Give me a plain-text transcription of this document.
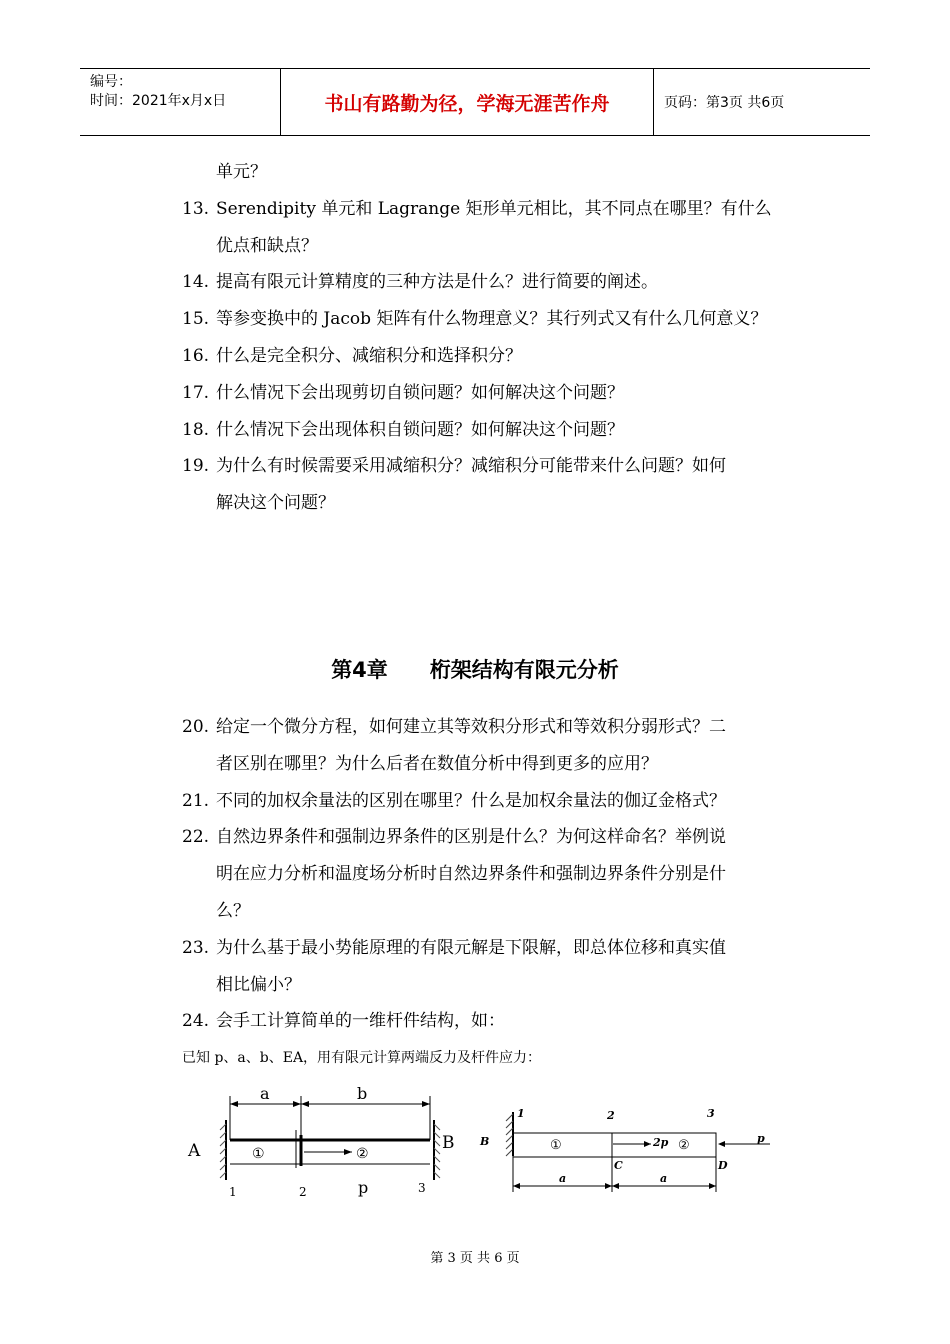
编号：
时间：2021年x月x日	书山有路勤为径，学海无涯苦作舟	页码：第3页 共6页
单元？
13. Serendipity 单元和 Lagrange 矩形单元相比，其不同点在哪里？有什么
优点和缺点？
14. 提高有限元计算精度的三种方法是什么？进行简要的阐述。
15. 等参变换中的 Jacob 矩阵有什么物理意义？其行列式又有什么几何意义？
16. 什么是完全积分、减缩积分和选择积分？
17. 什么情况下会出现剪切自锁问题？如何解决这个问题？
18. 什么情况下会出现体积自锁问题？如何解决这个问题？
19. 为什么有时候需要采用减缩积分？减缩积分可能带来什么问题？如何
解决这个问题？
第4章 桁架结构有限元分析
20. 给定一个微分方程，如何建立其等效积分形式和等效积分弱形式？二
者区别在哪里？为什么后者在数值分析中得到更多的应用？
21. 不同的加权余量法的区别在哪里？什么是加权余量法的伽辽金格式？
22. 自然边界条件和强制边界条件的区别是什么？为何这样命名？举例说
明在应力分析和温度场分析时自然边界条件和强制边界条件分别是什
么？
23. 为什么基于最小势能原理的有限元解是下限解，即总体位移和真实值
相比偏小？
24. 会手工计算简单的一维杆件结构，如：
已知 p、a、b、EA，用有限元计算两端反力及杆件应力：
a	b
①	②
A	B
1	2	p	3
①	2p ②	p
1	2	3
B
C	D
a	a
第 3 页 共 6 页
